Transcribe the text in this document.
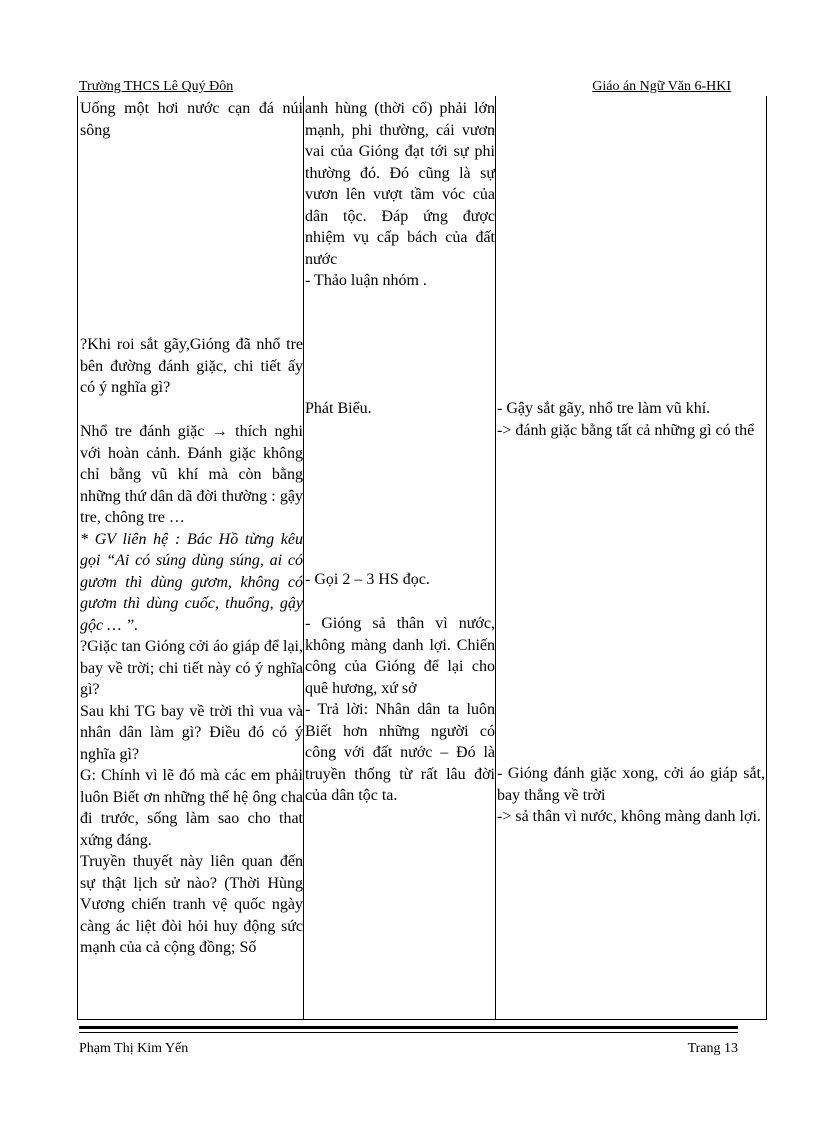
Trường THCS Lê Quý Đôn	Giáo án Ngữ Văn 6-HKI

Uống một hơi nước cạn đá núi sông

?Khi roi sắt gãy,Gióng đã nhổ tre bên đường đánh giặc, chi tiết ấy có ý nghĩa gì?

Nhổ tre đánh giặc → thích nghi với hoàn cảnh. Đánh giặc không chỉ bằng vũ khí mà còn bằng những thứ dân dã đời thường : gậy tre, chông tre …

* GV liên hệ : Bác Hồ từng kêu gọi “Ai có súng dùng súng, ai có gươm thì dùng gươm, không có gươm thì dùng cuốc, thuổng, gậy gộc … ”.

?Giặc tan Gióng cởi áo giáp để lại, bay về trời; chi tiết này có ý nghĩa gì?

Sau khi TG bay về trời thì vua và nhân dân làm gì? Điều đó có ý nghĩa gì?

G: Chính vì lẽ đó mà các em phải luôn Biết ơn những thế hệ ông cha đi trước, sống làm sao cho that xứng đáng.

Truyền thuyết này liên quan đến sự thật lịch sử nào? (Thời Hùng Vương chiến tranh vệ quốc ngày càng ác liệt đòi hỏi huy động sức mạnh của cả cộng đồng; Số

anh hùng (thời cổ) phải lớn mạnh, phi thường, cái vươn vai của Gióng đạt tới sự phi thường đó. Đó cũng là sự vươn lên vượt tầm vóc của dân tộc. Đáp ứng được nhiệm vụ cấp bách của đất nước

- Thảo luận nhóm .

Phát Biểu.

- Gọi 2 – 3 HS đọc.

- Gióng sả thân vì nước, không màng danh lợi. Chiến công của Gióng để lại cho quê hương, xứ sở

- Trả lời: Nhân dân ta luôn Biết hơn những người có công với đất nước – Đó là truyền thống từ rất lâu đời của dân tộc ta.

- Gậy sắt gãy, nhổ tre làm vũ khí.

-> đánh giặc bằng tất cả những gì có thể

- Gióng đánh giặc xong, cởi áo giáp sắt, bay thẳng về trời

-> sả thân vì nước, không màng danh lợi.

Phạm Thị Kim Yến	Trang 13
